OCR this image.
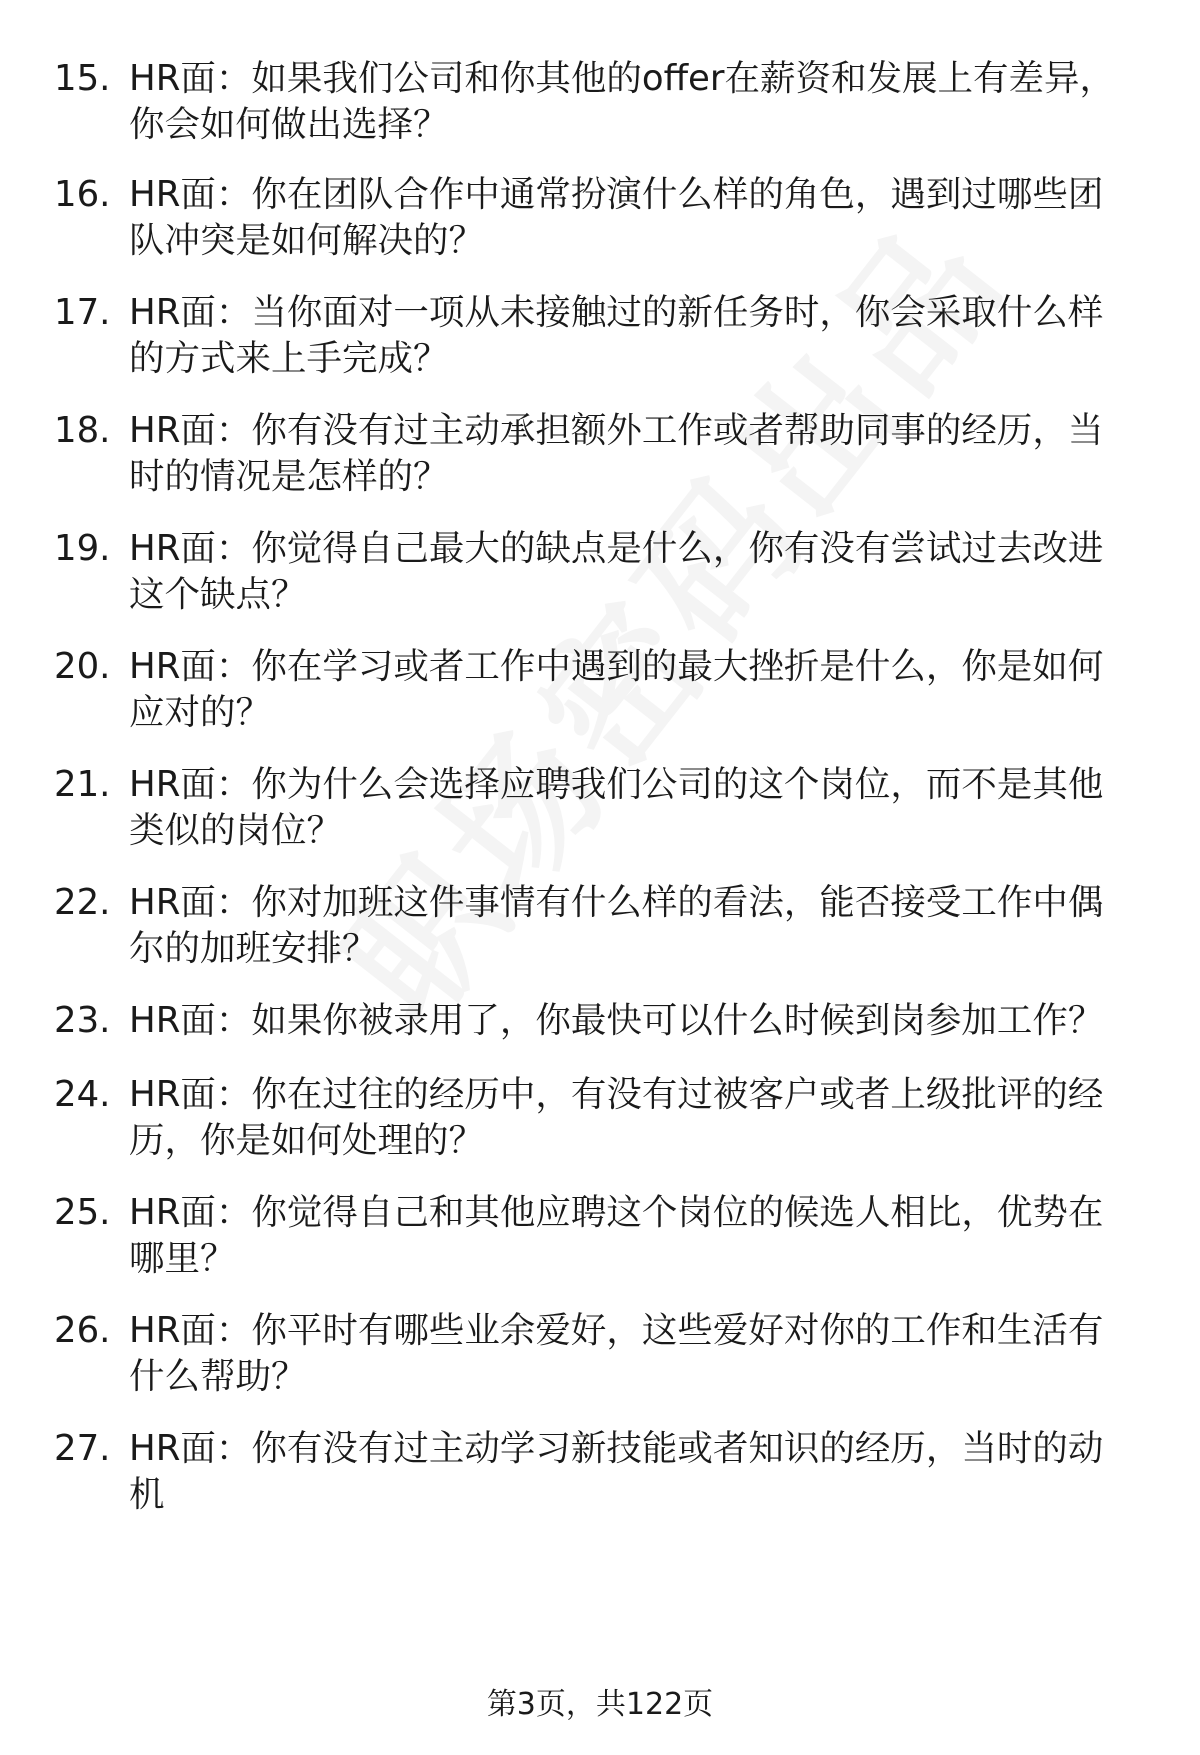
15. HR面：如果我们公司和你其他的offer在薪资和发展上有差异，你会如何做出选择？
16. HR面：你在团队合作中通常扮演什么样的角色，遇到过哪些团队冲突是如何解决的？
17. HR面：当你面对一项从未接触过的新任务时，你会采取什么样的方式来上手完成？
18. HR面：你有没有过主动承担额外工作或者帮助同事的经历，当时的情况是怎样的？
19. HR面：你觉得自己最大的缺点是什么，你有没有尝试过去改进这个缺点？
20. HR面：你在学习或者工作中遇到的最大挫折是什么，你是如何应对的？
21. HR面：你为什么会选择应聘我们公司的这个岗位，而不是其他类似的岗位？
22. HR面：你对加班这件事情有什么样的看法，能否接受工作中偶尔的加班安排？
23. HR面：如果你被录用了，你最快可以什么时候到岗参加工作？
24. HR面：你在过往的经历中，有没有过被客户或者上级批评的经历，你是如何处理的？
25. HR面：你觉得自己和其他应聘这个岗位的候选人相比，优势在哪里？
26. HR面：你平时有哪些业余爱好，这些爱好对你的工作和生活有什么帮助？
27. HR面：你有没有过主动学习新技能或者知识的经历，当时的动机
第3页，共122页
